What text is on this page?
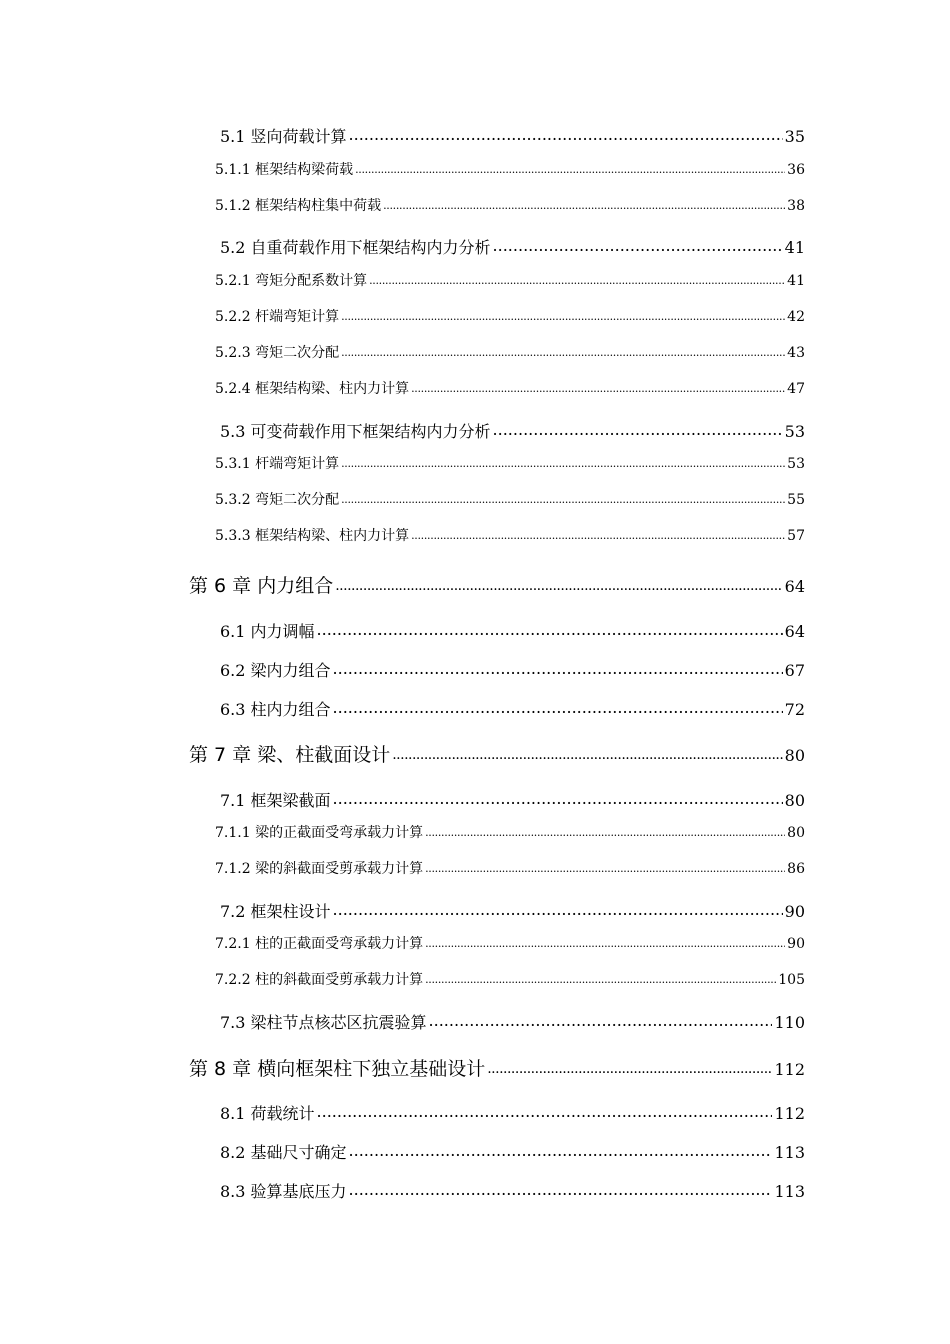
5.1 竖向荷载计算 .....	35
5.1.1 框架结构梁荷载 .....	36
5.1.2 框架结构柱集中荷载 .....	38
5.2 自重荷载作用下框架结构内力分析 .....	41
5.2.1 弯矩分配系数计算 .....	41
5.2.2 杆端弯矩计算 .....	42
5.2.3 弯矩二次分配 .....	43
5.2.4 框架结构梁、柱内力计算 .....	47
5.3 可变荷载作用下框架结构内力分析 .....	53
5.3.1 杆端弯矩计算 .....	53
5.3.2 弯矩二次分配 .....	55
5.3.3 框架结构梁、柱内力计算 .....	57
第 6 章 内力组合 .....	64
6.1 内力调幅 .....	64
6.2 梁内力组合 .....	67
6.3 柱内力组合 .....	72
第 7 章 梁、柱截面设计 .....	80
7.1 框架梁截面 .....	80
7.1.1 梁的正截面受弯承载力计算 .....	80
7.1.2 梁的斜截面受剪承载力计算 .....	86
7.2 框架柱设计 .....	90
7.2.1 柱的正截面受弯承载力计算 .....	90
7.2.2 柱的斜截面受剪承载力计算 .....	105
7.3 梁柱节点核芯区抗震验算 .....	110
第 8 章 横向框架柱下独立基础设计 .....	112
8.1 荷载统计 .....	112
8.2 基础尺寸确定 .....	113
8.3 验算基底压力 .....	113
